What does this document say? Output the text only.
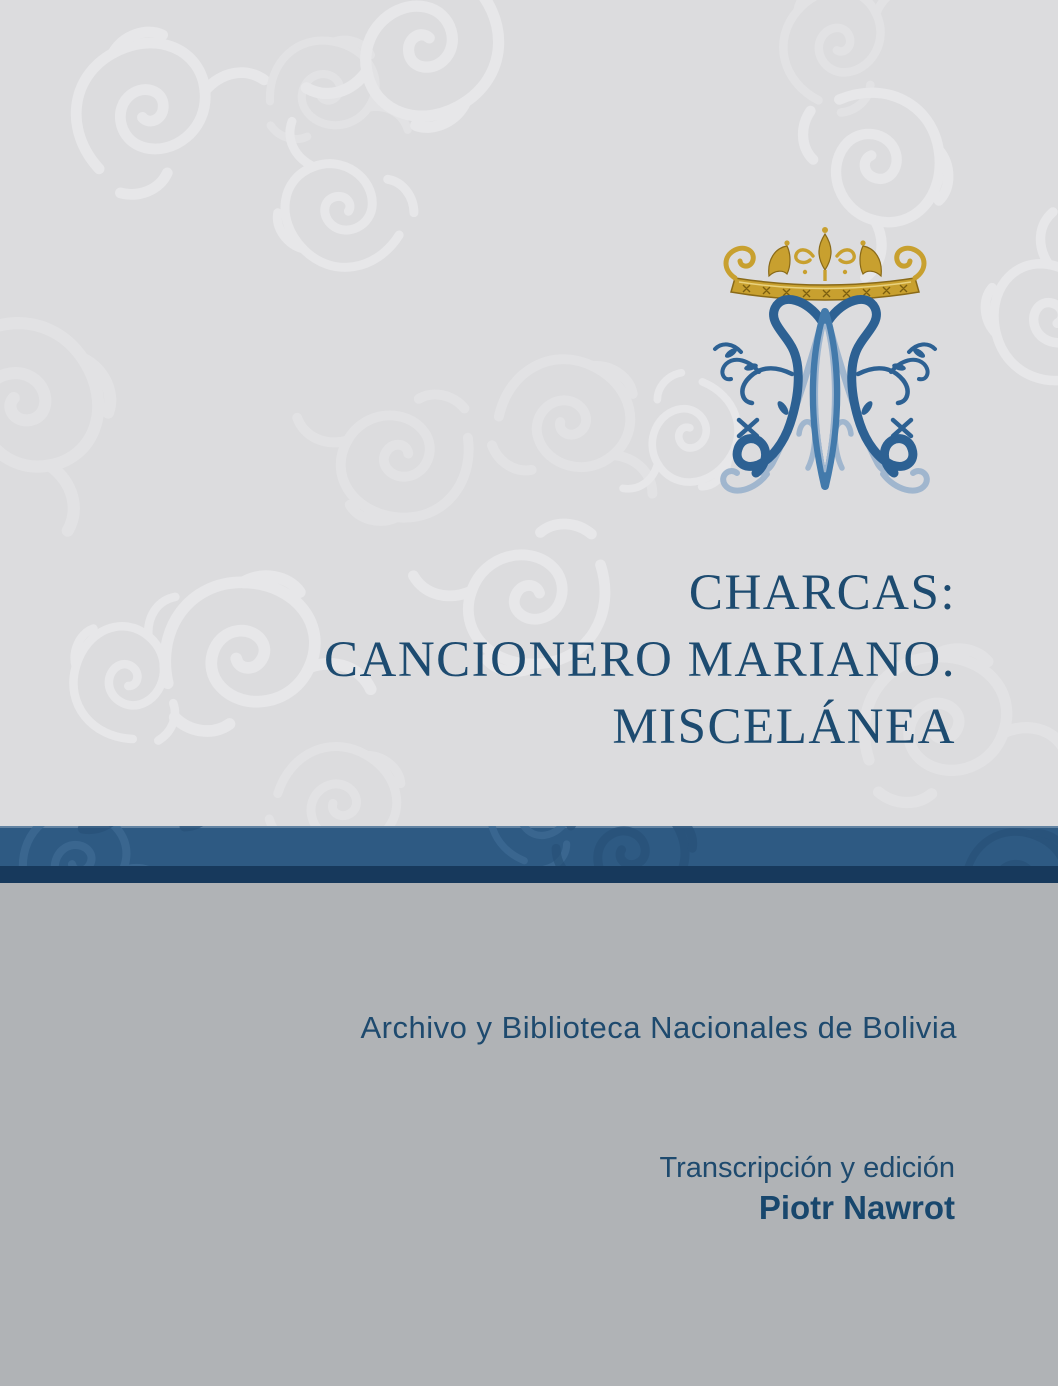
CHARCAS:
CANCIONERO MARIANO.
MISCELÁNEA
Archivo y Biblioteca Nacionales de Bolivia
Transcripción y edición
Piotr Nawrot
